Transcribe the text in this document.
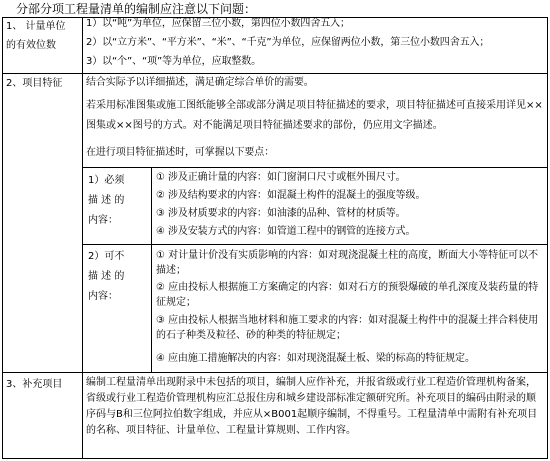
分部分项工程量清单的编制应注意以下问题：
1、 计量单位
的有效位数
1）以“吨”为单位，应保留三位小数，第四位小数四舍五入；
2）以“立方米”、“平方米”、“米”、“千克”为单位，应保留两位小数，第三位小数四舍五入；
3）以“个”、“项”等为单位，应取整数。
2、项目特征 结合实际予以详细描述，满足确定综合单价的需要。
若采用标准图集或施工图纸能够全部或部分满足项目特征描述的要求，项目特征描述可直接采用详见××图集或××图号的方式。对不能满足项目特征描述要求的部份，仍应用文字描述。
在进行项目特征描述时，可掌握以下要点：
1）必须
描 述 的
内容：
① 涉及正确计量的内容：如门窗洞口尺寸或框外围尺寸。
② 涉及结构要求的内容：如混凝土构件的混凝土的强度等级。
③ 涉及材质要求的内容：如油漆的品种、管材的材质等。
④ 涉及安装方式的内容：如管道工程中的钢管的连接方式。
2）可不
描 述 的
内容：
① 对计量计价没有实质影响的内容：如对现浇混凝土柱的高度，断面大小等特征可以不描述；
② 应由投标人根据施工方案确定的内容：如对石方的预裂爆破的单孔深度及装药量的特征规定；
③ 应由投标人根据当地材料和施工要求的内容：如对混凝土构件中的混凝土拌合料使用的石子种类及粒径、砂的种类的特征规定；
④ 应由施工措施解决的内容：如对现浇混凝土板、梁的标高的特征规定。
3、补充项目 编制工程量清单出现附录中未包括的项目，编制人应作补充，并报省级或行业工程造价管理机构备案，省级或行业工程造价管理机构应汇总报住房和城乡建设部标准定额研究所。补充项目的编码由附录的顺序码与B和三位阿拉伯数字组成，并应从×B001起顺序编制，不得重号。工程量清单中需附有补充项目的名称、项目特征、计量单位、工程量计算规则、工作内容。
